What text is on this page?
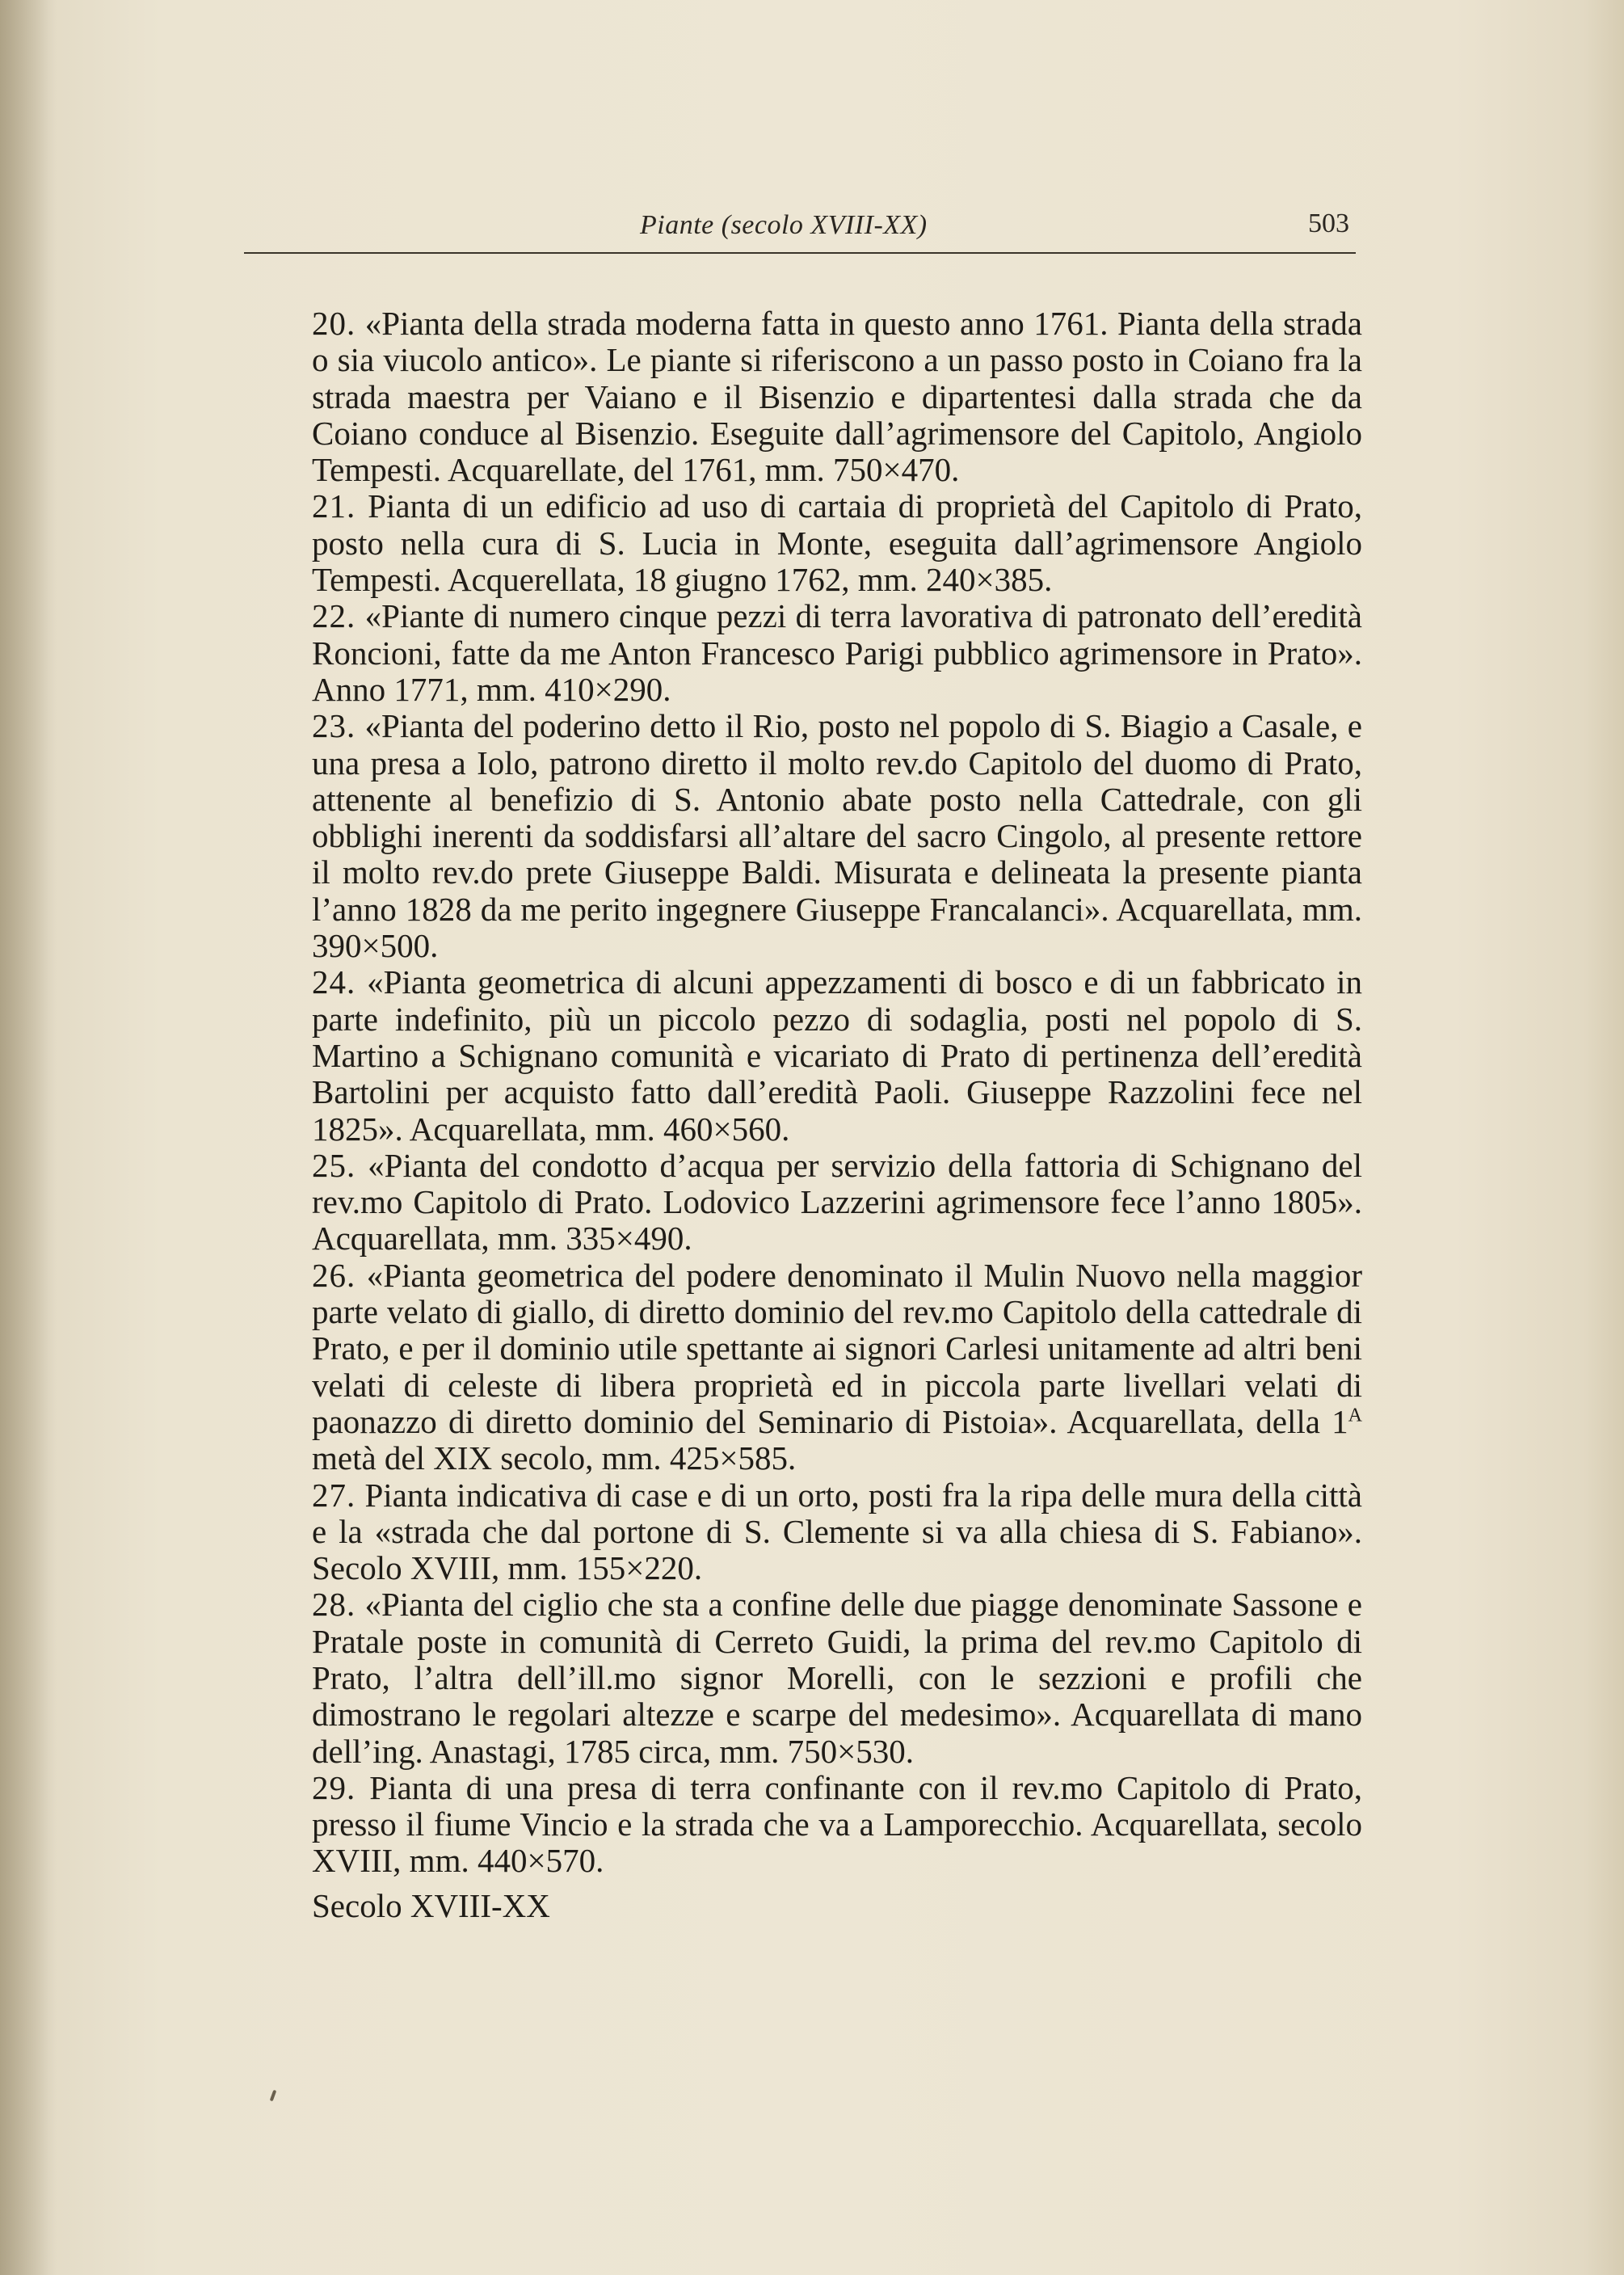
Piante (secolo XVIII-XX)	503

20. «Pianta della strada moderna fatta in questo anno 1761. Pianta della strada o sia viucolo antico». Le piante si riferiscono a un passo posto in Coiano fra la strada maestra per Vaiano e il Bisenzio e dipartentesi dalla strada che da Coiano conduce al Bisenzio. Eseguite dall’agrimensore del Capitolo, Angiolo Tempesti. Acquarellate, del 1761, mm. 750×470.

21. Pianta di un edificio ad uso di cartaia di proprietà del Capitolo di Prato, posto nella cura di S. Lucia in Monte, eseguita dall’agrimensore Angiolo Tempesti. Acquerellata, 18 giugno 1762, mm. 240×385.

22. «Piante di numero cinque pezzi di terra lavorativa di patronato dell’eredità Roncioni, fatte da me Anton Francesco Parigi pubblico agrimensore in Prato». Anno 1771, mm. 410×290.

23. «Pianta del poderino detto il Rio, posto nel popolo di S. Biagio a Casale, e una presa a Iolo, patrono diretto il molto rev.do Capitolo del duomo di Prato, attenente al benefizio di S. Antonio abate posto nella Cattedrale, con gli obblighi inerenti da soddisfarsi all’altare del sacro Cingolo, al presente rettore il molto rev.do prete Giuseppe Baldi. Misurata e delineata la presente pianta l’anno 1828 da me perito ingegnere Giuseppe Francalanci». Acquarellata, mm. 390×500.

24. «Pianta geometrica di alcuni appezzamenti di bosco e di un fabbricato in parte indefinito, più un piccolo pezzo di sodaglia, posti nel popolo di S. Martino a Schignano comunità e vicariato di Prato di pertinenza dell’eredità Bartolini per acquisto fatto dall’eredità Paoli. Giuseppe Razzolini fece nel 1825». Acquarellata, mm. 460×560.

25. «Pianta del condotto d’acqua per servizio della fattoria di Schignano del rev.mo Capitolo di Prato. Lodovico Lazzerini agrimensore fece l’anno 1805». Acquarellata, mm. 335×490.

26. «Pianta geometrica del podere denominato il Mulin Nuovo nella maggior parte velato di giallo, di diretto dominio del rev.mo Capitolo della cattedrale di Prato, e per il dominio utile spettante ai signori Carlesi unitamente ad altri beni velati di celeste di libera proprietà ed in piccola parte livellari velati di paonazzo di diretto dominio del Seminario di Pistoia». Acquarellata, della $1^A$ metà del XIX secolo, mm. 425×585.

27. Pianta indicativa di case e di un orto, posti fra la ripa delle mura della città e la «strada che dal portone di S. Clemente si va alla chiesa di S. Fabiano». Secolo XVIII, mm. 155×220.

28. «Pianta del ciglio che sta a confine delle due piagge denominate Sassone e Pratale poste in comunità di Cerreto Guidi, la prima del rev.mo Capitolo di Prato, l’altra dell’ill.mo signor Morelli, con le sezzioni e profili che dimostrano le regolari altezze e scarpe del medesimo». Acquarellata di mano dell’ing. Anastagi, 1785 circa, mm. 750×530.

29. Pianta di una presa di terra confinante con il rev.mo Capitolo di Prato, presso il fiume Vincio e la strada che va a Lamporecchio. Acquarellata, secolo XVIII, mm. 440×570.

Secolo XVIII-XX
